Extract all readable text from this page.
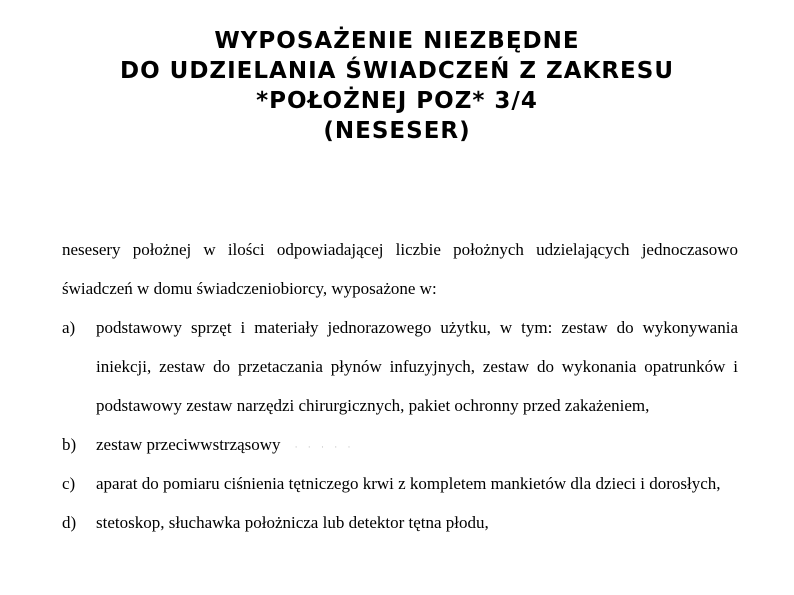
WYPOSAŻENIE NIEZBĘDNE
DO UDZIELANIA ŚWIADCZEŃ Z ZAKRESU
*POŁOŻNEJ POZ* 3/4
(NESESER)
nesesery położnej w ilości odpowiadającej liczbie położnych udzielających jednoczasowo
świadczeń w domu świadczeniobiorcy, wyposażone w:
a) podstawowy sprzęt i materiały jednorazowego użytku, w tym: zestaw do wykonywania
iniekcji, zestaw do przetaczania płynów infuzyjnych, zestaw do wykonania opatrunków i
podstawowy zestaw narzędzi chirurgicznych, pakiet ochronny przed zakażeniem,
b) zestaw przeciwwstrząsowy · · · · ·
c) aparat do pomiaru ciśnienia tętniczego krwi z kompletem mankietów dla dzieci i dorosłych,
d) stetoskop, słuchawka położnicza lub detektor tętna płodu,
